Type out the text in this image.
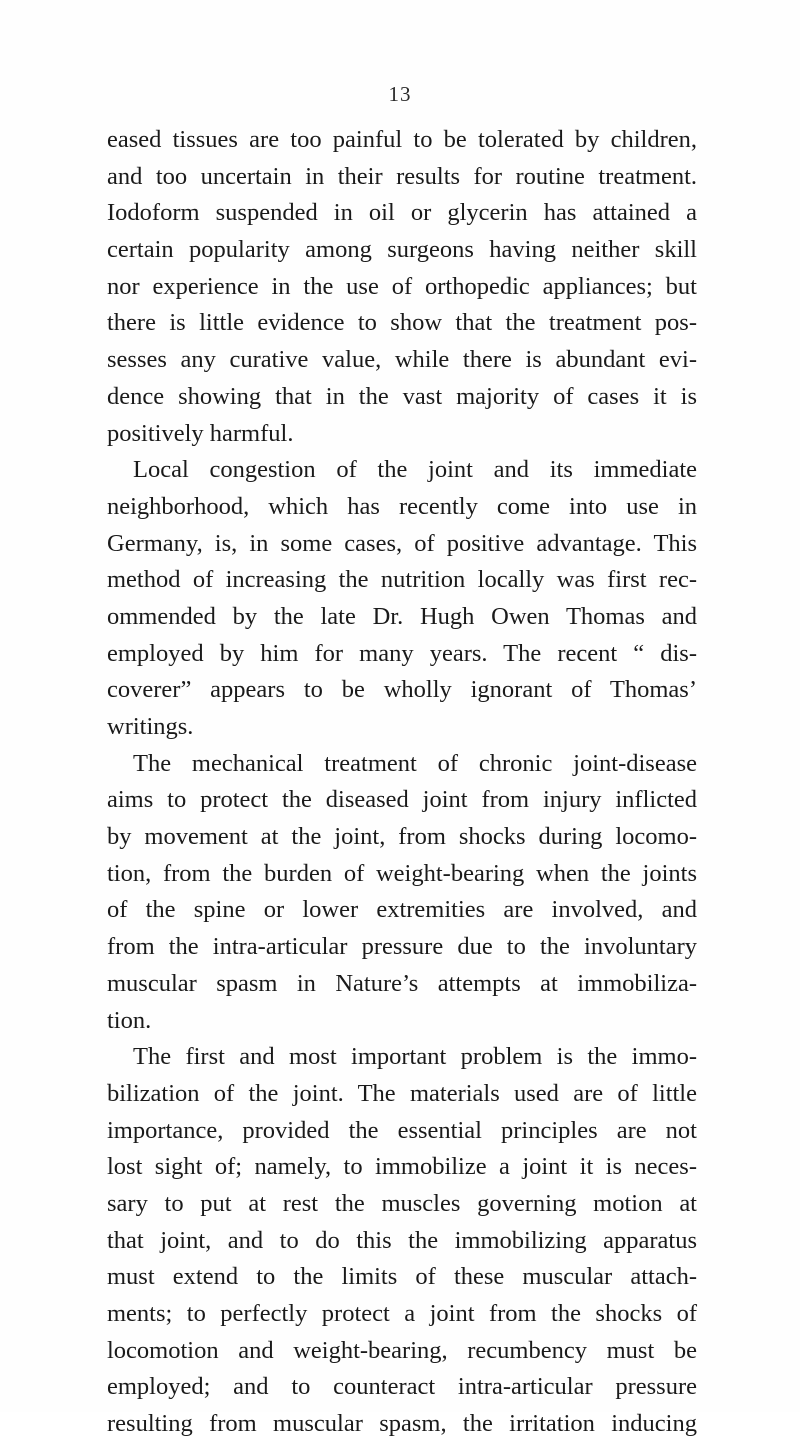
13
eased tissues are too painful to be tolerated by children,
and too uncertain in their results for routine treatment.
Iodoform suspended in oil or glycerin has attained a
certain popularity among surgeons having neither skill
nor experience in the use of orthopedic appliances; but
there is little evidence to show that the treatment pos-
sesses any curative value, while there is abundant evi-
dence showing that in the vast majority of cases it is
positively harmful.
Local congestion of the joint and its immediate
neighborhood, which has recently come into use in
Germany, is, in some cases, of positive advantage. This
method of increasing the nutrition locally was first rec-
ommended by the late Dr. Hugh Owen Thomas and
employed by him for many years. The recent “ dis-
coverer” appears to be wholly ignorant of Thomas’
writings.
The mechanical treatment of chronic joint-disease
aims to protect the diseased joint from injury inflicted
by movement at the joint, from shocks during locomo-
tion, from the burden of weight-bearing when the joints
of the spine or lower extremities are involved, and
from the intra-articular pressure due to the involuntary
muscular spasm in Nature’s attempts at immobiliza-
tion.
The first and most important problem is the immo-
bilization of the joint. The materials used are of little
importance, provided the essential principles are not
lost sight of; namely, to immobilize a joint it is neces-
sary to put at rest the muscles governing motion at
that joint, and to do this the immobilizing apparatus
must extend to the limits of these muscular attach-
ments; to perfectly protect a joint from the shocks of
locomotion and weight-bearing, recumbency must be
employed; and to counteract intra-articular pressure
resulting from muscular spasm, the irritation inducing
